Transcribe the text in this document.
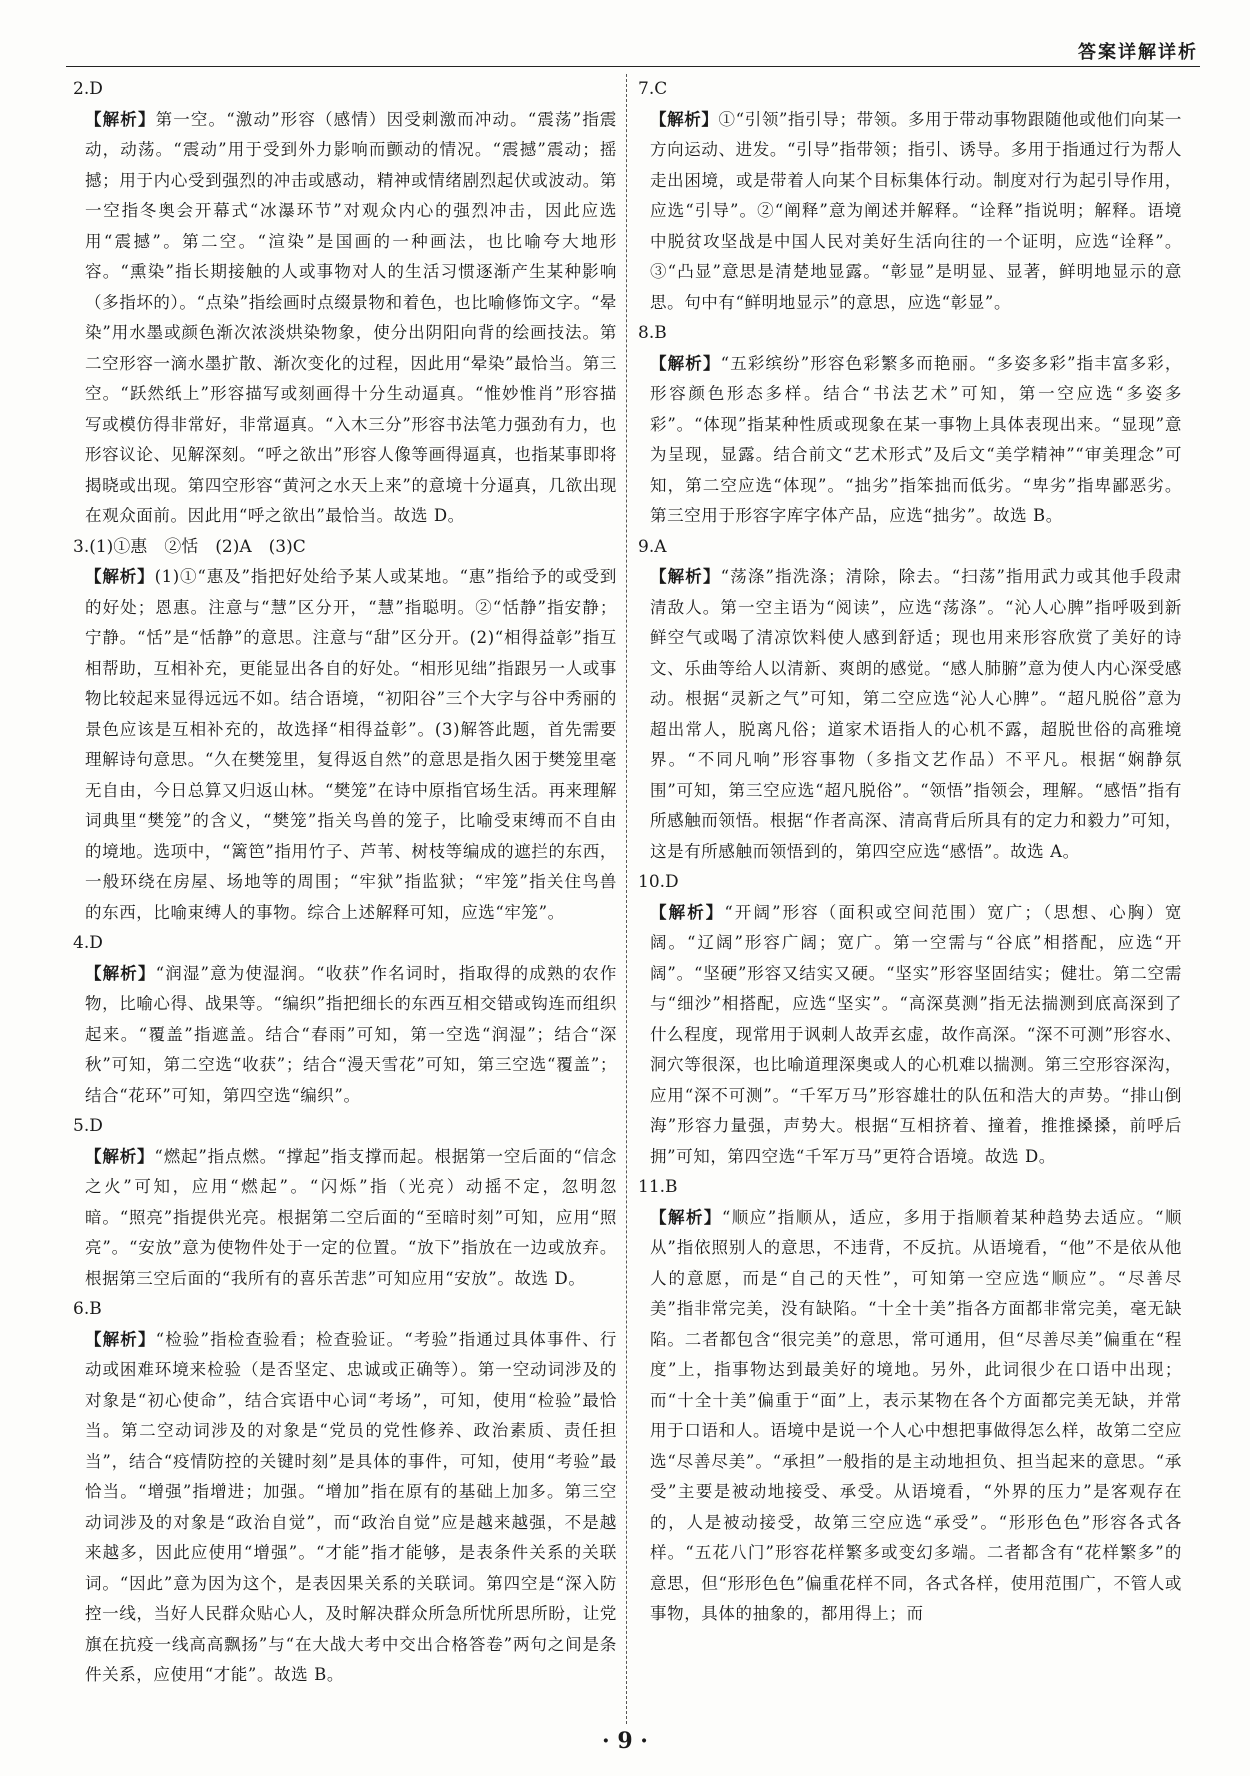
答案详解详析
2.D
【解析】第一空。“激动”形容（感情）因受刺激而冲动。“震荡”指震动，动荡。“震动”用于受到外力影响而颤动的情况。“震撼”震动；摇撼；用于内心受到强烈的冲击或感动，精神或情绪剧烈起伏或波动。第一空指冬奥会开幕式“冰瀑环节”对观众内心的强烈冲击，因此应选用“震撼”。第二空。“渲染”是国画的一种画法，也比喻夸大地形容。“熏染”指长期接触的人或事物对人的生活习惯逐渐产生某种影响（多指坏的）。“点染”指绘画时点缀景物和着色，也比喻修饰文字。“晕染”用水墨或颜色渐次浓淡烘染物象，使分出阴阳向背的绘画技法。第二空形容一滴水墨扩散、渐次变化的过程，因此用“晕染”最恰当。第三空。“跃然纸上”形容描写或刻画得十分生动逼真。“惟妙惟肖”形容描写或模仿得非常好，非常逼真。“入木三分”形容书法笔力强劲有力，也形容议论、见解深刻。“呼之欲出”形容人像等画得逼真，也指某事即将揭晓或出现。第四空形容“黄河之水天上来”的意境十分逼真，几欲出现在观众面前。因此用“呼之欲出”最恰当。故选 D。
3.(1)①惠　②恬　(2)A　(3)C
【解析】(1)①“惠及”指把好处给予某人或某地。“惠”指给予的或受到的好处；恩惠。注意与“慧”区分开，“慧”指聪明。②“恬静”指安静；宁静。“恬”是“恬静”的意思。注意与“甜”区分开。(2)“相得益彰”指互相帮助，互相补充，更能显出各自的好处。“相形见绌”指跟另一人或事物比较起来显得远远不如。结合语境，“初阳谷”三个大字与谷中秀丽的景色应该是互相补充的，故选择“相得益彰”。(3)解答此题，首先需要理解诗句意思。“久在樊笼里，复得返自然”的意思是指久困于樊笼里毫无自由，今日总算又归返山林。“樊笼”在诗中原指官场生活。再来理解词典里“樊笼”的含义，“樊笼”指关鸟兽的笼子，比喻受束缚而不自由的境地。选项中，“篱笆”指用竹子、芦苇、树枝等编成的遮拦的东西，一般环绕在房屋、场地等的周围；“牢狱”指监狱；“牢笼”指关住鸟兽的东西，比喻束缚人的事物。综合上述解释可知，应选“牢笼”。
4.D
【解析】“润湿”意为使湿润。“收获”作名词时，指取得的成熟的农作物，比喻心得、战果等。“编织”指把细长的东西互相交错或钩连而组织起来。“覆盖”指遮盖。结合“春雨”可知，第一空选“润湿”；结合“深秋”可知，第二空选“收获”；结合“漫天雪花”可知，第三空选“覆盖”；结合“花环”可知，第四空选“编织”。
5.D
【解析】“燃起”指点燃。“撑起”指支撑而起。根据第一空后面的“信念之火”可知，应用“燃起”。“闪烁”指（光亮）动摇不定，忽明忽暗。“照亮”指提供光亮。根据第二空后面的“至暗时刻”可知，应用“照亮”。“安放”意为使物件处于一定的位置。“放下”指放在一边或放弃。根据第三空后面的“我所有的喜乐苦悲”可知应用“安放”。故选 D。
6.B
【解析】“检验”指检查验看；检查验证。“考验”指通过具体事件、行动或困难环境来检验（是否坚定、忠诚或正确等）。第一空动词涉及的对象是“初心使命”，结合宾语中心词“考场”，可知，使用“检验”最恰当。第二空动词涉及的对象是“党员的党性修养、政治素质、责任担当”，结合“疫情防控的关键时刻”是具体的事件，可知，使用“考验”最恰当。“增强”指增进；加强。“增加”指在原有的基础上加多。第三空动词涉及的对象是“政治自觉”，而“政治自觉”应是越来越强，不是越来越多，因此应使用“增强”。“才能”指才能够，是表条件关系的关联词。“因此”意为因为这个，是表因果关系的关联词。第四空是“深入防控一线，当好人民群众贴心人，及时解决群众所急所忧所思所盼，让党旗在抗疫一线高高飘扬”与“在大战大考中交出合格答卷”两句之间是条件关系，应使用“才能”。故选 B。
7.C
【解析】①“引领”指引导；带领。多用于带动事物跟随他或他们向某一方向运动、进发。“引导”指带领；指引、诱导。多用于指通过行为帮人走出困境，或是带着人向某个目标集体行动。制度对行为起引导作用，应选“引导”。②“阐释”意为阐述并解释。“诠释”指说明；解释。语境中脱贫攻坚战是中国人民对美好生活向往的一个证明，应选“诠释”。③“凸显”意思是清楚地显露。“彰显”是明显、显著，鲜明地显示的意思。句中有“鲜明地显示”的意思，应选“彰显”。
8.B
【解析】“五彩缤纷”形容色彩繁多而艳丽。“多姿多彩”指丰富多彩，形容颜色形态多样。结合“书法艺术”可知，第一空应选“多姿多彩”。“体现”指某种性质或现象在某一事物上具体表现出来。“显现”意为呈现，显露。结合前文“艺术形式”及后文“美学精神”“审美理念”可知，第二空应选“体现”。“拙劣”指笨拙而低劣。“卑劣”指卑鄙恶劣。第三空用于形容字库字体产品，应选“拙劣”。故选 B。
9.A
【解析】“荡涤”指洗涤；清除，除去。“扫荡”指用武力或其他手段肃清敌人。第一空主语为“阅读”，应选“荡涤”。“沁人心脾”指呼吸到新鲜空气或喝了清凉饮料使人感到舒适；现也用来形容欣赏了美好的诗文、乐曲等给人以清新、爽朗的感觉。“感人肺腑”意为使人内心深受感动。根据“灵新之气”可知，第二空应选“沁人心脾”。“超凡脱俗”意为超出常人，脱离凡俗；道家术语指人的心机不露，超脱世俗的高雅境界。“不同凡响”形容事物（多指文艺作品）不平凡。根据“娴静氛围”可知，第三空应选“超凡脱俗”。“领悟”指领会，理解。“感悟”指有所感触而领悟。根据“作者高深、清高背后所具有的定力和毅力”可知，这是有所感触而领悟到的，第四空应选“感悟”。故选 A。
10.D
【解析】“开阔”形容（面积或空间范围）宽广；（思想、心胸）宽阔。“辽阔”形容广阔；宽广。第一空需与“谷底”相搭配，应选“开阔”。“坚硬”形容又结实又硬。“坚实”形容坚固结实；健壮。第二空需与“细沙”相搭配，应选“坚实”。“高深莫测”指无法揣测到底高深到了什么程度，现常用于讽刺人故弄玄虚，故作高深。“深不可测”形容水、洞穴等很深，也比喻道理深奥或人的心机难以揣测。第三空形容深沟，应用“深不可测”。“千军万马”形容雄壮的队伍和浩大的声势。“排山倒海”形容力量强，声势大。根据“互相挤着、撞着，推推搡搡，前呼后拥”可知，第四空选“千军万马”更符合语境。故选 D。
11.B
【解析】“顺应”指顺从，适应，多用于指顺着某种趋势去适应。“顺从”指依照别人的意思，不违背，不反抗。从语境看，“他”不是依从他人的意愿，而是“自己的天性”，可知第一空应选“顺应”。“尽善尽美”指非常完美，没有缺陷。“十全十美”指各方面都非常完美，毫无缺陷。二者都包含“很完美”的意思，常可通用，但“尽善尽美”偏重在“程度”上，指事物达到最美好的境地。另外，此词很少在口语中出现；而“十全十美”偏重于“面”上，表示某物在各个方面都完美无缺，并常用于口语和人。语境中是说一个人心中想把事做得怎么样，故第二空应选“尽善尽美”。“承担”一般指的是主动地担负、担当起来的意思。“承受”主要是被动地接受、承受。从语境看，“外界的压力”是客观存在的，人是被动接受，故第三空应选“承受”。“形形色色”形容各式各样。“五花八门”形容花样繁多或变幻多端。二者都含有“花样繁多”的意思，但“形形色色”偏重花样不同，各式各样，使用范围广，不管人或事物，具体的抽象的，都用得上；而
· 9 ·
